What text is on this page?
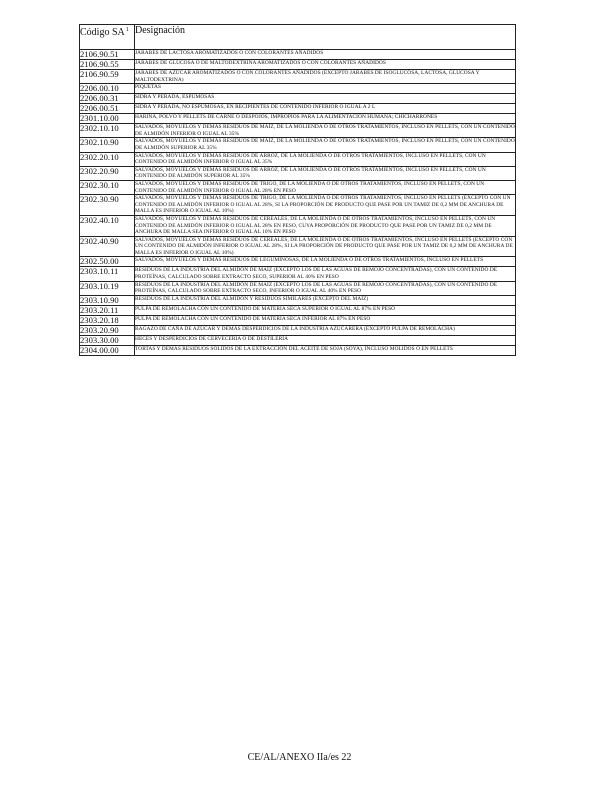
Código $SA^1$	Designación
2106.90.51	JARABES DE LACTOSA AROMATIZADOS O CON COLORANTES AÑADIDOS
2106.90.55	JARABES DE GLUCOSA O DE MALTODEXTRINA AROMATIZADOS O CON COLORANTES AÑADIDOS
2106.90.59	JARABES DE AZÚCAR AROMATIZADOS O CON COLORANTES AÑADIDOS (EXCEPTO JARABES DE ISOGLUCOSA, LACTOSA, GLUCOSA Y MALTODEXTRINA)
2206.00.10	PIQUETAS
2206.00.31	SIDRA Y PERADA, ESPUMOSAS
2206.00.51	SIDRA Y PERADA, NO ESPUMOSAS, EN RECIPIENTES DE CONTENIDO INFERIOR O IGUAL A 2 L
2301.10.00	HARINA, POLVO Y PELLETS DE CARNE O DESPOJOS, IMPROPIOS PARA LA ALIMENTACIÓN HUMANA; CHICHARRONES
2302.10.10	SALVADOS, MOYUELOS Y DEMÁS RESIDUOS DE MAÍZ, DE LA MOLIENDA O DE OTROS TRATAMIENTOS, INCLUSO EN PELLETS, CON UN CONTENIDO DE ALMIDÓN INFERIOR O IGUAL AL 35%
2302.10.90	SALVADOS, MOYUELOS Y DEMÁS RESIDUOS DE MAÍZ, DE LA MOLIENDA O DE OTROS TRATAMIENTOS, INCLUSO EN PELLETS, CON UN CONTENIDO DE ALMIDÓN SUPERIOR AL 35%
2302.20.10	SALVADOS, MOYUELOS Y DEMÁS RESIDUOS DE ARROZ, DE LA MOLIENDA O DE OTROS TRATAMIENTOS, INCLUSO EN PELLETS, CON UN CONTENIDO DE ALMIDÓN INFERIOR O IGUAL AL 35%
2302.20.90	SALVADOS, MOYUELOS Y DEMÁS RESIDUOS DE ARROZ, DE LA MOLIENDA O DE OTROS TRATAMIENTOS, INCLUSO EN PELLETS, CON UN CONTENIDO DE ALMIDÓN SUPERIOR AL 35%
2302.30.10	SALVADOS, MOYUELOS Y DEMÁS RESIDUOS DE TRIGO, DE LA MOLIENDA O DE OTROS TRATAMIENTOS, INCLUSO EN PELLETS, CON UN CONTENIDO DE ALMIDÓN INFERIOR O IGUAL AL 28% EN PESO
2302.30.90	SALVADOS, MOYUELOS Y DEMÁS RESIDUOS DE TRIGO, DE LA MOLIENDA O DE OTROS TRATAMIENTOS, INCLUSO EN PELLETS (EXCEPTO CON UN CONTENIDO DE ALMIDÓN INFERIOR O IGUAL AL 28%, SI LA PROPORCIÓN DE PRODUCTO QUE PASE POR UN TAMIZ DE 0,2 MM DE ANCHURA DE MALLA ES INFERIOR O IGUAL AL 10%)
2302.40.10	SALVADOS, MOYUELOS Y DEMÁS RESIDUOS DE CEREALES, DE LA MOLIENDA O DE OTROS TRATAMIENTOS, INCLUSO EN PELLETS, CON UN CONTENIDO DE ALMIDÓN INFERIOR O IGUAL AL 28% EN PESO, CUYA PROPORCIÓN DE PRODUCTO QUE PASE POR UN TAMIZ DE 0,2 MM DE ANCHURA DE MALLA SEA INFERIOR O IGUAL AL 10% EN PESO
2302.40.90	SALVADOS, MOYUELOS Y DEMÁS RESIDUOS DE CEREALES, DE LA MOLIENDA O DE OTROS TRATAMIENTOS, INCLUSO EN PELLETS (EXCEPTO CON UN CONTENIDO DE ALMIDÓN INFERIOR O IGUAL AL 28%, SI LA PROPORCIÓN DE PRODUCTO QUE PASE POR UN TAMIZ DE 0,2 MM DE ANCHURA DE MALLA ES INFERIOR O IGUAL AL 10%)
2302.50.00	SALVADOS, MOYUELOS Y DEMÁS RESIDUOS DE LEGUMINOSAS, DE LA MOLIENDA O DE OTROS TRATAMIENTOS, INCLUSO EN PELLETS
2303.10.11	RESIDUOS DE LA INDUSTRIA DEL ALMIDÓN DE MAÍZ (EXCEPTO LOS DE LAS AGUAS DE REMOJO CONCENTRADAS), CON UN CONTENIDO DE PROTEÍNAS, CALCULADO SOBRE EXTRACTO SECO, SUPERIOR AL 40% EN PESO
2303.10.19	RESIDUOS DE LA INDUSTRIA DEL ALMIDÓN DE MAÍZ (EXCEPTO LOS DE LAS AGUAS DE REMOJO CONCENTRADAS), CON UN CONTENIDO DE PROTEÍNAS, CALCULADO SOBRE EXTRACTO SECO, INFERIOR O IGUAL AL 40% EN PESO
2303.10.90	RESIDUOS DE LA INDUSTRIA DEL ALMIDÓN Y RESIDUOS SIMILARES (EXCEPTO DEL MAÍZ)
2303.20.11	PULPA DE REMOLACHA CON UN CONTENIDO DE MATERIA SECA SUPERIOR O IGUAL AL 87% EN PESO
2303.20.18	PULPA DE REMOLACHA CON UN CONTENIDO DE MATERIA SECA INFERIOR AL 87% EN PESO
2303.20.90	BAGAZO DE CAÑA DE AZÚCAR Y DEMÁS DESPERDICIOS DE LA INDUSTRIA AZUCARERA (EXCEPTO PULPA DE REMOLACHA)
2303.30.00	HECES Y DESPERDICIOS DE CERVECERÍA O DE DESTILERÍA
2304.00.00	TORTAS Y DEMÁS RESIDUOS SÓLIDOS DE LA EXTRACCIÓN DEL ACEITE DE SOJA (SOYA), INCLUSO MOLIDOS O EN PELLETS
CE/AL/ANEXO IIa/es 22
